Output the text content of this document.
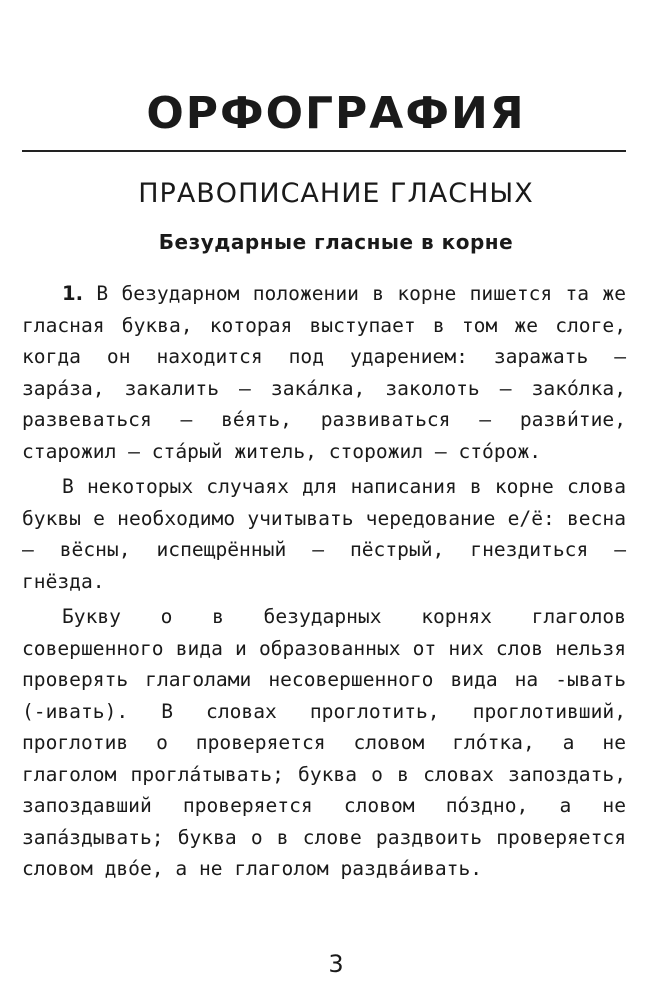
ОРФОГРАФИЯ
ПРАВОПИСАНИЕ ГЛАСНЫХ
Безударные гласные в корне

1. В безударном положении в корне пишется та же гласная буква, которая выступает в том же слоге, когда он находится под ударением: заражать — зара́за, закалить — зака́лка, заколоть — зако́лка, развеваться — ве́ять, развиваться — разви́тие, старожил — ста́рый житель, сторожил — сто́рож.

В некоторых случаях для написания в корне слова буквы е необходимо учитывать чередование е/ё: весна — вёсны, испещрённый — пёстрый, гнездиться — гнёзда.

Букву о в безударных корнях глаголов совершенного вида и образованных от них слов нельзя проверять глаголами несовершенного вида на -ывать (-ивать). В словах проглотить, проглотивший, проглотив о проверяется словом гло́тка, а не глаголом прогла́тывать; буква о в словах запоздать, запоздавший проверяется словом по́здно, а не запа́здывать; буква о в слове раздвоить проверяется словом дво́е, а не глаголом раздва́ивать.

3
